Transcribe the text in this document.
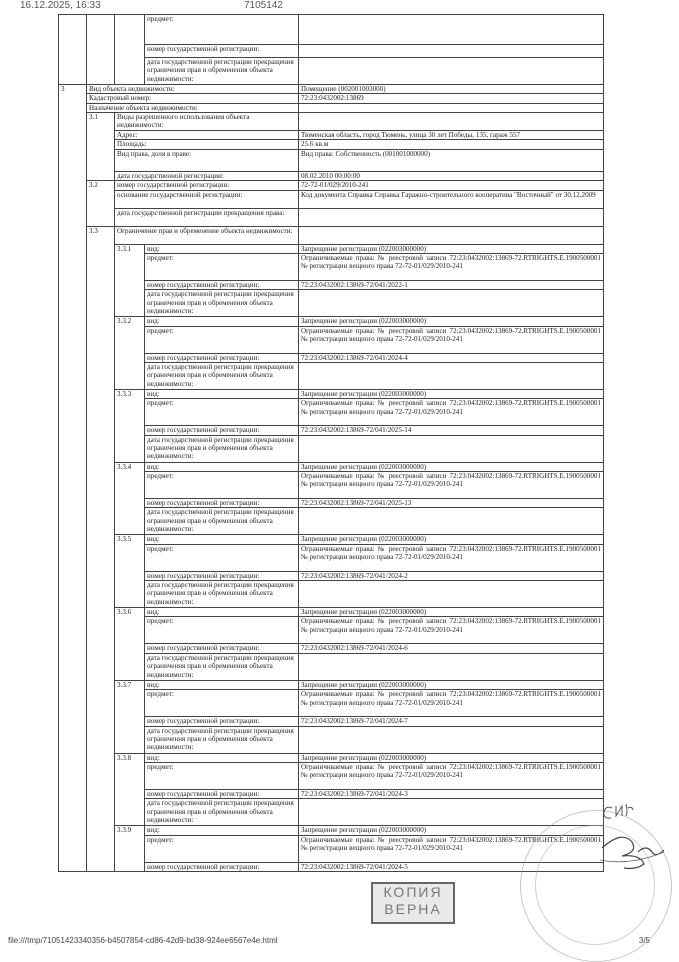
16.12.2025, 16:33	7105142
			предмет:	
			номер государственной регистрации:	
			дата государственной регистрации прекращения ограничения прав и обременения объекта недвижимости:	
3	Вид объекта недвижимости:			Помещение (002001003000)
	Кадастровый номер:			72:23:0432002:13869
	Назначение объекта недвижимости:			
	3.1	Виды разрешенного использования объекта недвижимости:		
		Адрес:		Тюменская область, город Тюмень, улица 30 лет Победы, 135, гараж 557
		Площадь:		25.6 кв.м
		Вид права, доля в праве:		Вид права: Собственность (001001000000)
		дата государственной регистрации:		08.02.2010 00:00:00
	3.2	номер государственной регистрации:		72-72-01/029/2010-241
		основание государственной регистрации:		Код документа Справка Справка Гаражно-строительного кооператива "Восточный" от 30.12.2009
		дата государственной регистрации прекращения права:		
	3.3	Ограничение прав и обременение объекта недвижимости:		
		3.3.1	вид:	Запрещение регистрации (022003000000)
			предмет:	Ограничиваемые права: № реестровой записи 72:23:0432002:13869-72.RTRIGHTS.E.1900500001 № регистрации вещного права 72-72-01/029/2010-241
			номер государственной регистрации:	72:23:0432002:13869-72/041/2022-1
			дата государственной регистрации прекращения ограничения прав и обременения объекта недвижимости:	
		3.3.2	вид:	Запрещение регистрации (022003000000)
			предмет:	Ограничиваемые права: № реестровой записи 72:23:0432002:13869-72.RTRIGHTS.E.1900500001 № регистрации вещного права 72-72-01/029/2010-241
			номер государственной регистрации:	72:23:0432002:13869-72/041/2024-4
			дата государственной регистрации прекращения ограничения прав и обременения объекта недвижимости:	
		3.3.3	вид:	Запрещение регистрации (022003000000)
			предмет:	Ограничиваемые права: № реестровой записи 72:23:0432002:13869-72.RTRIGHTS.E.1900500001 № регистрации вещного права 72-72-01/029/2010-241
			номер государственной регистрации:	72:23:0432002:13869-72/041/2025-14
			дата государственной регистрации прекращения ограничения прав и обременения объекта недвижимости:	
		3.3.4	вид:	Запрещение регистрации (022003000000)
			предмет:	Ограничиваемые права: № реестровой записи 72:23:0432002:13869-72.RTRIGHTS.E.1900500001 № регистрации вещного права 72-72-01/029/2010-241
			номер государственной регистрации:	72:23:0432002:13869-72/041/2025-13
			дата государственной регистрации прекращения ограничения прав и обременения объекта недвижимости:	
		3.3.5	вид:	Запрещение регистрации (022003000000)
			предмет:	Ограничиваемые права: № реестровой записи 72:23:0432002:13869-72.RTRIGHTS.E.1900500001 № регистрации вещного права 72-72-01/029/2010-241
			номер государственной регистрации:	72:23:0432002:13869-72/041/2024-2
			дата государственной регистрации прекращения ограничения прав и обременения объекта недвижимости:	
		3.3.6	вид:	Запрещение регистрации (022003000000)
			предмет:	Ограничиваемые права: № реестровой записи 72:23:0432002:13869-72.RTRIGHTS.E.1900500001 № регистрации вещного права 72-72-01/029/2010-241
			номер государственной регистрации:	72:23:0432002:13869-72/041/2024-6
			дата государственной регистрации прекращения ограничения прав и обременения объекта недвижимости:	
		3.3.7	вид:	Запрещение регистрации (022003000000)
			предмет:	Ограничиваемые права: № реестровой записи 72:23:0432002:13869-72.RTRIGHTS.E.1900500001 № регистрации вещного права 72-72-01/029/2010-241
			номер государственной регистрации:	72:23:0432002:13869-72/041/2024-7
			дата государственной регистрации прекращения ограничения прав и обременения объекта недвижимости:	
		3.3.8	вид:	Запрещение регистрации (022003000000)
			предмет:	Ограничиваемые права: № реестровой записи 72:23:0432002:13869-72.RTRIGHTS.E.1900500001 № регистрации вещного права 72-72-01/029/2010-241
			номер государственной регистрации:	72:23:0432002:13869-72/041/2024-3
			дата государственной регистрации прекращения ограничения прав и обременения объекта недвижимости:	
		3.3.9	вид:	Запрещение регистрации (022003000000)
			предмет:	Ограничиваемые права: № реестровой записи 72:23:0432002:13869-72.RTRIGHTS.E.1900500001 № регистрации вещного права 72-72-01/029/2010-241
			номер государственной регистрации:	72:23:0432002:13869-72/041/2024-5
КОПИЯ ВЕРНА
file:///tmp/71051423340356-b4507854-cd86-42d9-bd38-924ee6567e4e.html	3/5
